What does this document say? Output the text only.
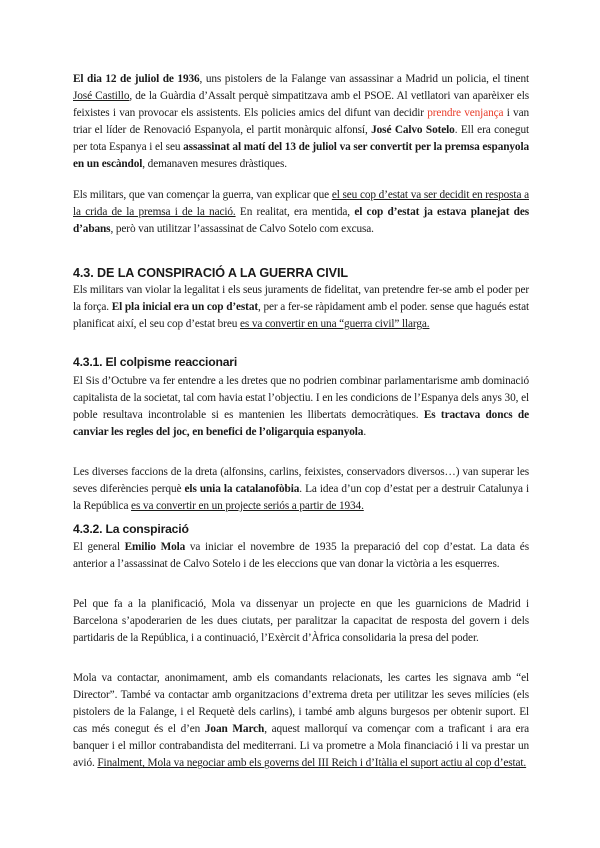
El dia 12 de juliol de 1936, uns pistolers de la Falange van assassinar a Madrid un policia, el tinent José Castillo, de la Guàrdia d’Assalt perquè simpatitzava amb el PSOE. Al vetllatori van aparèixer els feixistes i van provocar els assistents. Els policies amics del difunt van decidir prendre venjança i van triar el líder de Renovació Espanyola, el partit monàrquic alfonsí, José Calvo Sotelo. Ell era conegut per tota Espanya i el seu assassinat al matí del 13 de juliol va ser convertit per la premsa espanyola en un escàndol, demanaven mesures dràstiques.

Els militars, que van començar la guerra, van explicar que el seu cop d’estat va ser decidit en resposta a la crida de la premsa i de la nació. En realitat, era mentida, el cop d’estat ja estava planejat des d’abans, però van utilitzar l’assassinat de Calvo Sotelo com excusa.

4.3. DE LA CONSPIRACIÓ A LA GUERRA CIVIL

Els militars van violar la legalitat i els seus juraments de fidelitat, van pretendre fer-se amb el poder per la força. El pla inicial era un cop d’estat, per a fer-se ràpidament amb el poder. sense que hagués estat planificat així, el seu cop d’estat breu es va convertir en una “guerra civil” llarga.

4.3.1. El colpisme reaccionari

El Sis d’Octubre va fer entendre a les dretes que no podrien combinar parlamentarisme amb dominació capitalista de la societat, tal com havia estat l’objectiu. I en les condicions de l’Espanya dels anys 30, el poble resultava incontrolable si es mantenien les llibertats democràtiques. Es tractava doncs de canviar les regles del joc, en benefici de l’oligarquia espanyola.

Les diverses faccions de la dreta (alfonsins, carlins, feixistes, conservadors diversos…) van superar les seves diferències perquè els unia la catalanofòbia. La idea d’un cop d’estat per a destruir Catalunya i la República es va convertir en un projecte seriós a partir de 1934.

4.3.2. La conspiració

El general Emilio Mola va iniciar el novembre de 1935 la preparació del cop d’estat. La data és anterior a l’assassinat de Calvo Sotelo i de les eleccions que van donar la victòria a les esquerres.

Pel que fa a la planificació, Mola va dissenyar un projecte en que les guarnicions de Madrid i Barcelona s’apoderarien de les dues ciutats, per paralitzar la capacitat de resposta del govern i dels partidaris de la República, i a continuació, l’Exèrcit d’Àfrica consolidaria la presa del poder.

Mola va contactar, anonimament, amb els comandants relacionats, les cartes les signava amb “el Director”. També va contactar amb organitzacions d’extrema dreta per utilitzar les seves milícies (els pistolers de la Falange, i el Requetè dels carlins), i també amb alguns burgesos per obtenir suport. El cas més conegut és el d’en Joan March, aquest mallorquí va començar com a traficant i ara era banquer i el millor contrabandista del mediterrani. Li va prometre a Mola financiació i li va prestar un avió. Finalment, Mola va negociar amb els governs del III Reich i d’Itàlia el suport actiu al cop d’estat.
